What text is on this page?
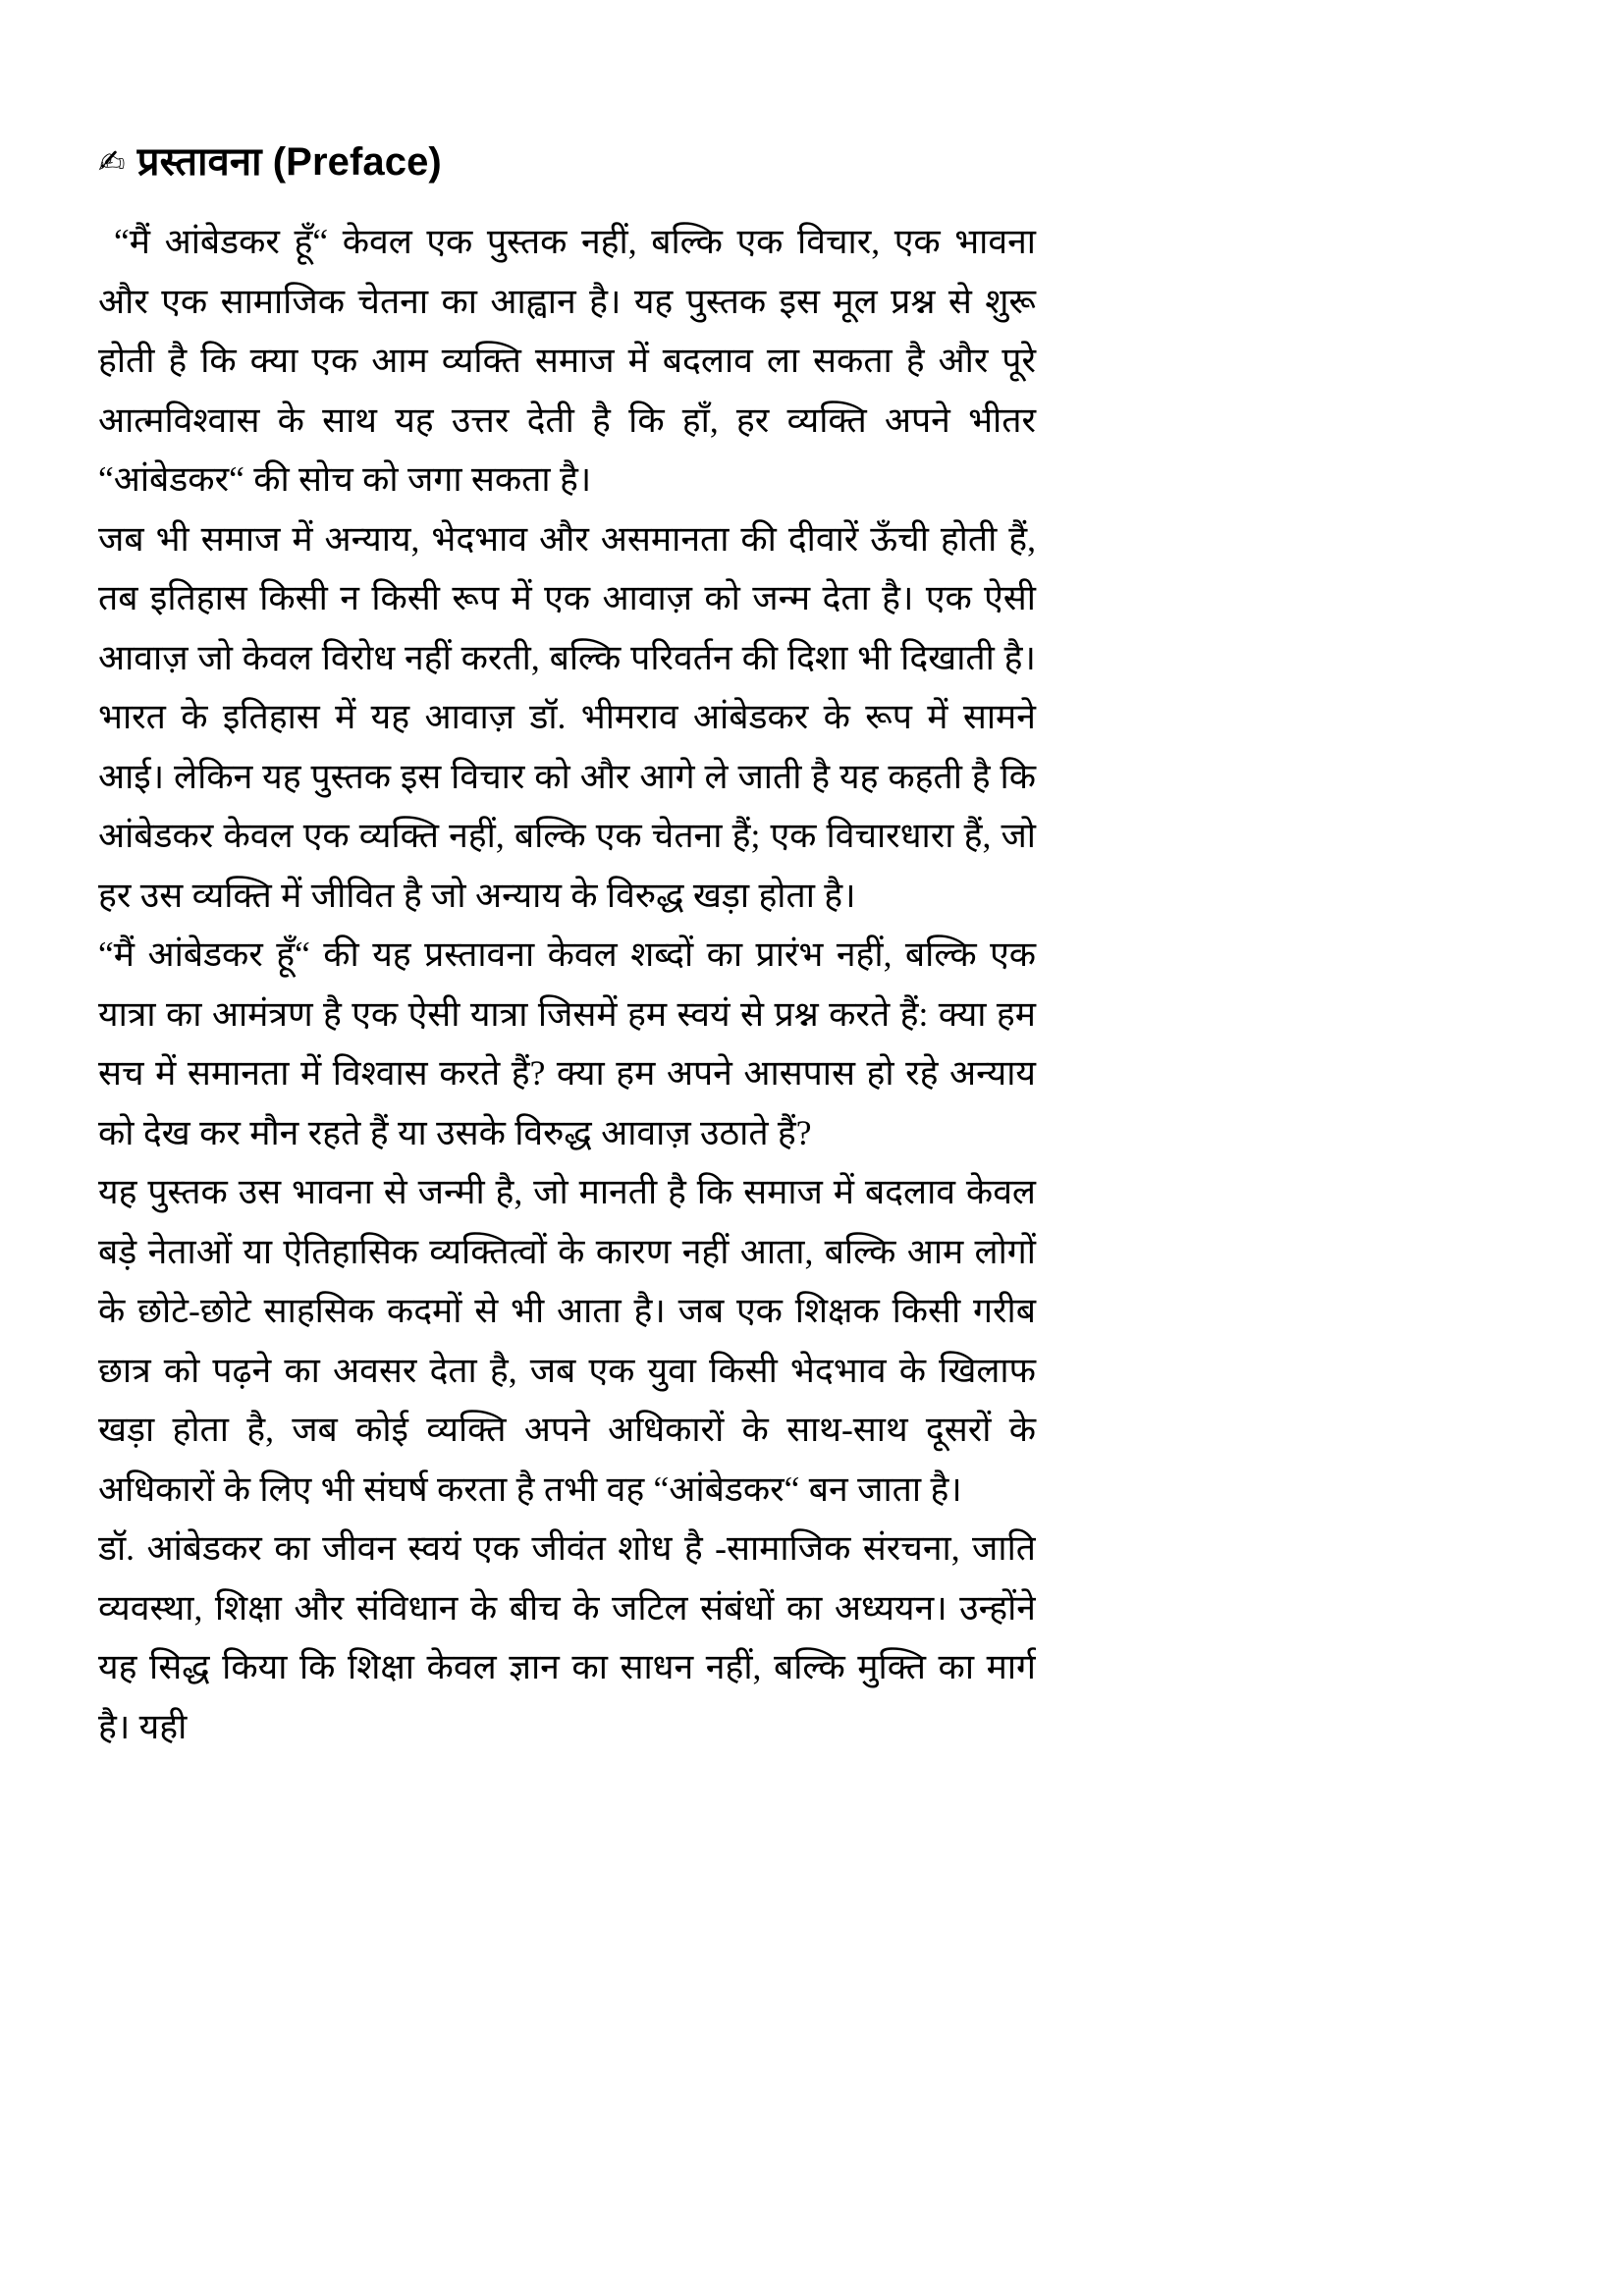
✍ प्रस्तावना (Preface)

“मैं आंबेडकर हूँ“ केवल एक पुस्तक नहीं, बल्कि एक विचार, एक भावना और एक सामाजिक चेतना का आह्वान है। यह पुस्तक इस मूल प्रश्न से शुरू होती है कि क्या एक आम व्यक्ति समाज में बदलाव ला सकता है और पूरे आत्मविश्वास के साथ यह उत्तर देती है कि हाँ, हर व्यक्ति अपने भीतर “आंबेडकर“ की सोच को जगा सकता है।

जब भी समाज में अन्याय, भेदभाव और असमानता की दीवारें ऊँची होती हैं, तब इतिहास किसी न किसी रूप में एक आवाज़ को जन्म देता है। एक ऐसी आवाज़ जो केवल विरोध नहीं करती, बल्कि परिवर्तन की दिशा भी दिखाती है। भारत के इतिहास में यह आवाज़ डॉ. भीमराव आंबेडकर के रूप में सामने आई। लेकिन यह पुस्तक इस विचार को और आगे ले जाती है यह कहती है कि आंबेडकर केवल एक व्यक्ति नहीं, बल्कि एक चेतना हैं; एक विचारधारा हैं, जो हर उस व्यक्ति में जीवित है जो अन्याय के विरुद्ध खड़ा होता है।

“मैं आंबेडकर हूँ“ की यह प्रस्तावना केवल शब्दों का प्रारंभ नहीं, बल्कि एक यात्रा का आमंत्रण है एक ऐसी यात्रा जिसमें हम स्वयं से प्रश्न करते हैं: क्या हम सच में समानता में विश्वास करते हैं? क्या हम अपने आसपास हो रहे अन्याय को देख कर मौन रहते हैं या उसके विरुद्ध आवाज़ उठाते हैं?

यह पुस्तक उस भावना से जन्मी है, जो मानती है कि समाज में बदलाव केवल बड़े नेताओं या ऐतिहासिक व्यक्तित्वों के कारण नहीं आता, बल्कि आम लोगों के छोटे-छोटे साहसिक कदमों से भी आता है। जब एक शिक्षक किसी गरीब छात्र को पढ़ने का अवसर देता है, जब एक युवा किसी भेदभाव के खिलाफ खड़ा होता है, जब कोई व्यक्ति अपने अधिकारों के साथ-साथ दूसरों के अधिकारों के लिए भी संघर्ष करता है तभी वह “आंबेडकर“ बन जाता है।

डॉ. आंबेडकर का जीवन स्वयं एक जीवंत शोध है -सामाजिक संरचना, जाति व्यवस्था, शिक्षा और संविधान के बीच के जटिल संबंधों का अध्ययन। उन्होंने यह सिद्ध किया कि शिक्षा केवल ज्ञान का साधन नहीं, बल्कि मुक्ति का मार्ग है। यही
